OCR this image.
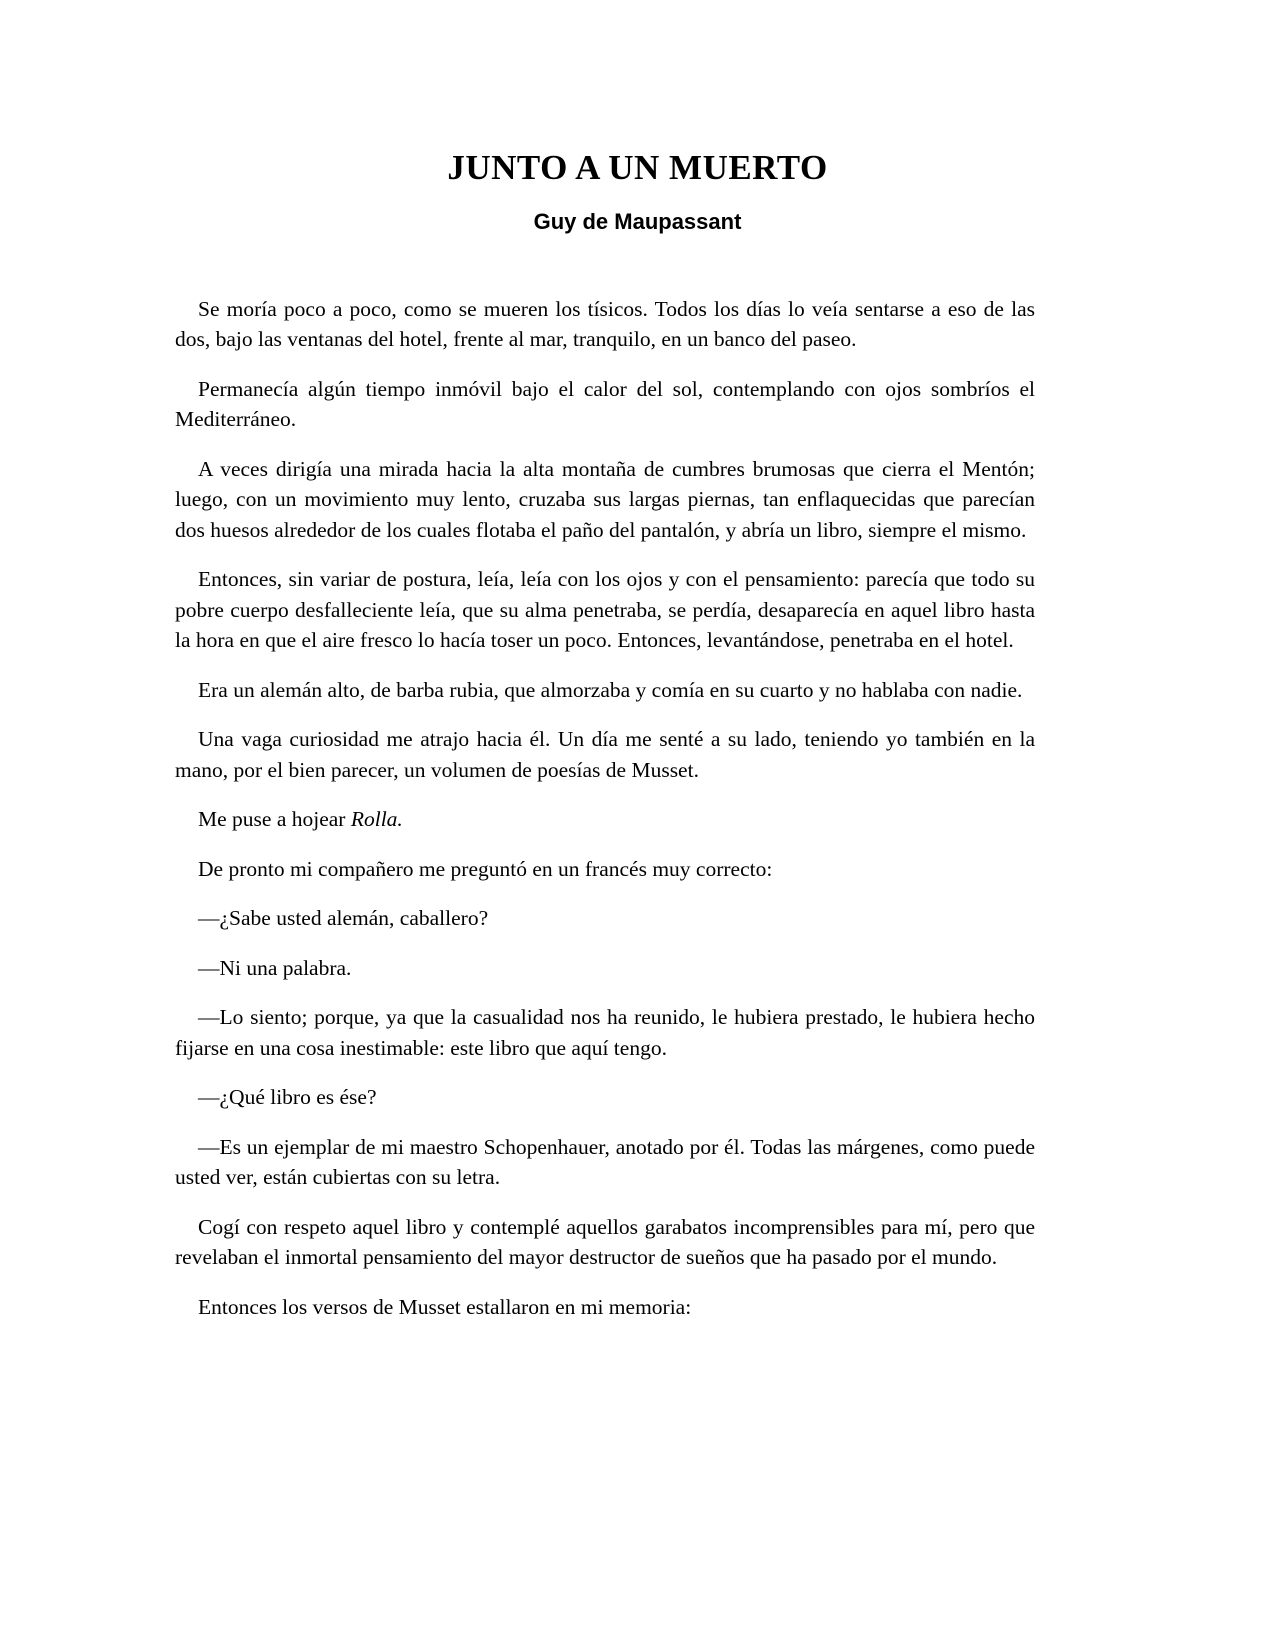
JUNTO A UN MUERTO
Guy de Maupassant

Se moría poco a poco, como se mueren los tísicos. Todos los días lo veía sentarse a eso de las dos, bajo las ventanas del hotel, frente al mar, tranquilo, en un banco del paseo.

Permanecía algún tiempo inmóvil bajo el calor del sol, contemplando con ojos sombríos el Mediterráneo.

A veces dirigía una mirada hacia la alta montaña de cumbres brumosas que cierra el Mentón; luego, con un movimiento muy lento, cruzaba sus largas piernas, tan enflaquecidas que parecían dos huesos alrededor de los cuales flotaba el paño del pantalón, y abría un libro, siempre el mismo.

Entonces, sin variar de postura, leía, leía con los ojos y con el pensamiento: parecía que todo su pobre cuerpo desfalleciente leía, que su alma penetraba, se perdía, desaparecía en aquel libro hasta la hora en que el aire fresco lo hacía toser un poco. Entonces, levantándose, penetraba en el hotel.

Era un alemán alto, de barba rubia, que almorzaba y comía en su cuarto y no hablaba con nadie.

Una vaga curiosidad me atrajo hacia él. Un día me senté a su lado, teniendo yo también en la mano, por el bien parecer, un volumen de poesías de Musset.

Me puse a hojear Rolla.

De pronto mi compañero me preguntó en un francés muy correcto:

—¿Sabe usted alemán, caballero?

—Ni una palabra.

—Lo siento; porque, ya que la casualidad nos ha reunido, le hubiera prestado, le hubiera hecho fijarse en una cosa inestimable: este libro que aquí tengo.

—¿Qué libro es ése?

—Es un ejemplar de mi maestro Schopenhauer, anotado por él. Todas las márgenes, como puede usted ver, están cubiertas con su letra.

Cogí con respeto aquel libro y contemplé aquellos garabatos incomprensibles para mí, pero que revelaban el inmortal pensamiento del mayor destructor de sueños que ha pasado por el mundo.

Entonces los versos de Musset estallaron en mi memoria:
